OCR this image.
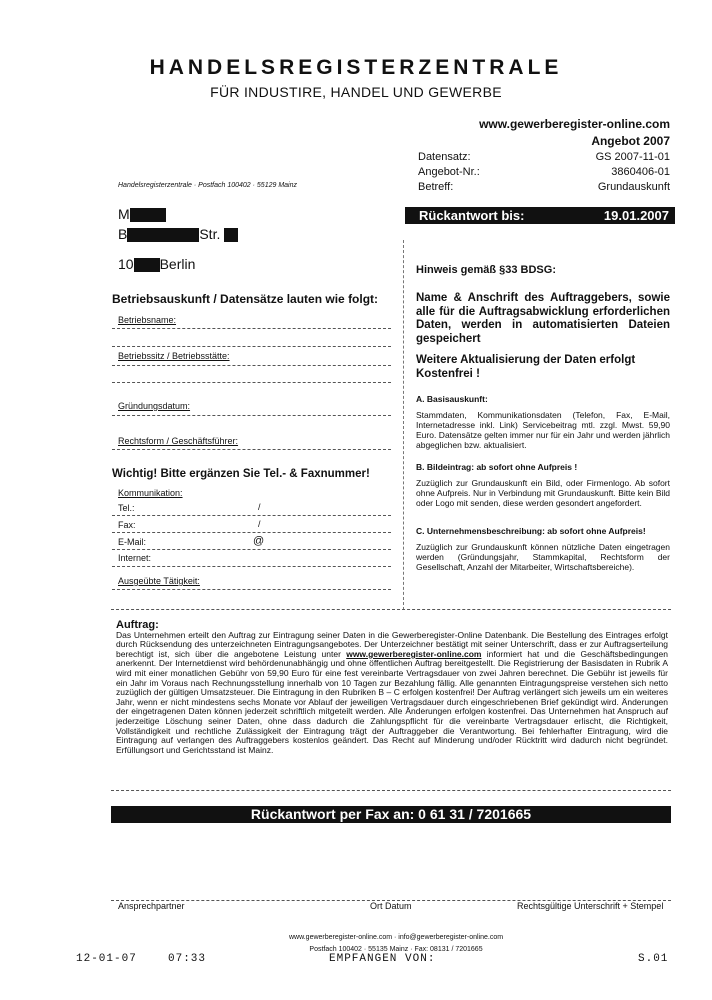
HANDELSREGISTERZENTRALE
FÜR INDUSTIRE, HANDEL UND GEWERBE
www.gewerberegister-online.com
Angebot 2007
Datensatz:	GS 2007-11-01
Angebot-Nr.:	3860406-01
Betreff:	Grundauskunft
Handelsregisterzentrale · Postfach 100402 · 55129 Mainz
Rückantwort bis:	19.01.2007
M
B	Str.
10 Berlin
Betriebsauskunft / Datensätze lauten wie folgt:
Betriebsname:
Betriebssitz / Betriebsstätte:
Gründungsdatum:
Rechtsform / Geschäftsführer:
Wichtig! Bitte ergänzen Sie Tel.- & Faxnummer!
Kommunikation:
Tel.:	/
Fax:	/
E-Mail:	@
Internet:
Ausgeübte Tätigkeit:
Hinweis gemäß §33 BDSG:

Name & Anschrift des Auftraggebers, sowie alle für die Auftragsabwicklung erforderlichen Daten, werden in automatisierten Dateien gespeichert

Weitere Aktualisierung der Daten erfolgt Kostenfrei !

A. Basisauskunft:

Stammdaten, Kommunikationsdaten (Telefon, Fax, E-Mail, Internetadresse inkl. Link) Servicebeitrag mtl. zzgl. Mwst. 59,90 Euro. Datensätze gelten immer nur für ein Jahr und werden jährlich abgeglichen bzw. aktualisiert.

B. Bildeintrag: ab sofort ohne Aufpreis !

Zuzüglich zur Grundauskunft ein Bild, oder Firmenlogo. Ab sofort ohne Aufpreis. Nur in Verbindung mit Grundauskunft. Bitte kein Bild oder Logo mit senden, diese werden gesondert angefordert.

C. Unternehmensbeschreibung: ab sofort ohne Aufpreis!

Zuzüglich zur Grundauskunft können nützliche Daten eingetragen werden (Gründungsjahr, Stammkapital, Rechtsform der Gesellschaft, Anzahl der Mitarbeiter, Wirtschaftsbereiche).

Auftrag:
Das Unternehmen erteilt den Auftrag zur Eintragung seiner Daten in die Gewerberegister-Online Datenbank. Die Bestellung des Eintrages erfolgt durch Rücksendung des unterzeichneten Eintragungsangebotes. Der Unterzeichner bestätigt mit seiner Unterschrift, dass er zur Auftragserteilung berechtigt ist, sich über die angebotene Leistung unter www.gewerberegister-online.com informiert hat und die Geschäftsbedingungen anerkennt. Der Internetdienst wird behördenunabhängig und ohne öffentlichen Auftrag bereitgestellt. Die Registrierung der Basisdaten in Rubrik A wird mit einer monatlichen Gebühr von 59,90 Euro für eine fest vereinbarte Vertragsdauer von zwei Jahren berechnet. Die Gebühr ist jeweils für ein Jahr im Voraus nach Rechnungsstellung innerhalb von 10 Tagen zur Bezahlung fällig. Alle genannten Eintragungspreise verstehen sich netto zuzüglich der gültigen Umsatzsteuer. Die Eintragung in den Rubriken B – C erfolgen kostenfrei! Der Auftrag verlängert sich jeweils um ein weiteres Jahr, wenn er nicht mindestens sechs Monate vor Ablauf der jeweiligen Vertragsdauer durch eingeschriebenen Brief gekündigt wird. Änderungen der eingetragenen Daten können jederzeit schriftlich mitgeteilt werden. Alle Änderungen erfolgen kostenfrei. Das Unternehmen hat Anspruch auf jederzeitige Löschung seiner Daten, ohne dass dadurch die Zahlungspflicht für die vereinbarte Vertragsdauer erlischt, die Richtigkeit, Vollständigkeit und rechtliche Zulässigkeit der Eintragung trägt der Auftraggeber die Verantwortung. Bei fehlerhafter Eintragung, wird die Eintragung auf verlangen des Auftraggebers kostenlos geändert. Das Recht auf Minderung und/oder Rücktritt wird dadurch nicht begründet. Erfüllungsort und Gerichtsstand ist Mainz.
Rückantwort per Fax an: 0 61 31 / 7201665
Ansprechpartner	Ort Datum	Rechtsgültige Unterschrift + Stempel
www.gewerberegister-online.com · info@gewerberegister-online.com
Postfach 100402 · 55135 Mainz · Fax: 08131 / 7201665
12-01-07	07:33	EMPFANGEN VON:	S.01
